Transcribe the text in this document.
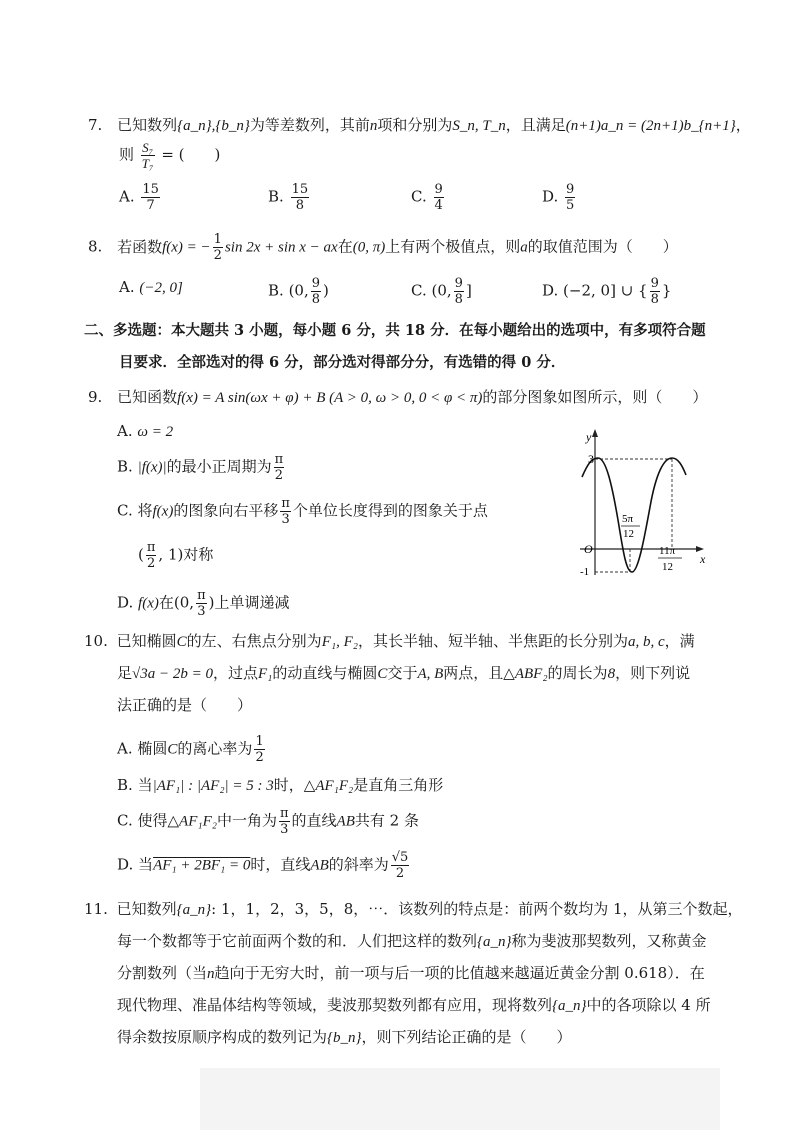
7. 已知数列{a_n},{b_n}为等差数列，其前n项和分别为S_n, T_n，且满足(n+1)a_n = (2n+1)b_{n+1}，
则 $\frac{\text{S₇}}{\text{T₇}}$ = (　　)
A. $\frac{15}{7}$	B. $\frac{15}{8}$	C. $\frac{9}{4}$	D. $\frac{9}{5}$
8. 若函数f(x) = − $\frac{1}{2}$ sin 2x + sin x − ax在(0, π)上有两个极值点，则a的取值范围为（　　）
A. (−2, 0]	B. (0, $\frac{9}{8}$ )	C. (0, $\frac{9}{8}$ ]	D. (−2, 0] ∪ { $\frac{9}{8}$ }
二、多选题：本大题共 3 小题，每小题 6 分，共 18 分．在每小题给出的选项中，有多项符合题
目要求．全部选对的得 6 分，部分选对得部分分，有选错的得 0 分．
9. 已知函数f(x) = A sin(ωx + φ) + B (A > 0, ω > 0, 0 < φ < π)的部分图象如图所示，则（　　）
A. ω = 2
B. |f(x)|的最小正周期为 $\frac{\pi}{2}$
C. 将f(x)的图象向右平移 $\frac{\pi}{3}$ 个单位长度得到的图象关于点
( $\frac{\pi}{2}$ , 1)对称
D. f(x)在(0, $\frac{\pi}{3}$ )上单调递减
y
x
O
3
-1
5π
12
11π
12
10. 已知椭圆C的左、右焦点分别为F₁, F₂，其长半轴、短半轴、半焦距的长分别为a, b, c，满
足√3a − 2b = 0，过点F₁的动直线与椭圆C交于A, B两点，且△ABF₂的周长为8，则下列说
法正确的是（　　）
A. 椭圆C的离心率为 $\frac{1}{2}$
B. 当|AF₁| : |AF₂| = 5 : 3时，△AF₁F₂是直角三角形
C. 使得△AF₁F₂中一角为 $\frac{\pi}{3}$ 的直线AB共有 2 条
D. 当AF₁ + 2BF₁ = 0时，直线AB的斜率为 $\frac{√5}{2}$
11. 已知数列{a_n}: 1，1，2，3，5，8，⋯．该数列的特点是：前两个数均为 1，从第三个数起，
每一个数都等于它前面两个数的和．人们把这样的数列{a_n}称为斐波那契数列，又称黄金
分割数列（当n趋向于无穷大时，前一项与后一项的比值越来越逼近黄金分割 0.618）．在
现代物理、准晶体结构等领域，斐波那契数列都有应用，现将数列{a_n}中的各项除以 4 所
得余数按原顺序构成的数列记为{b_n}，则下列结论正确的是（　　）
